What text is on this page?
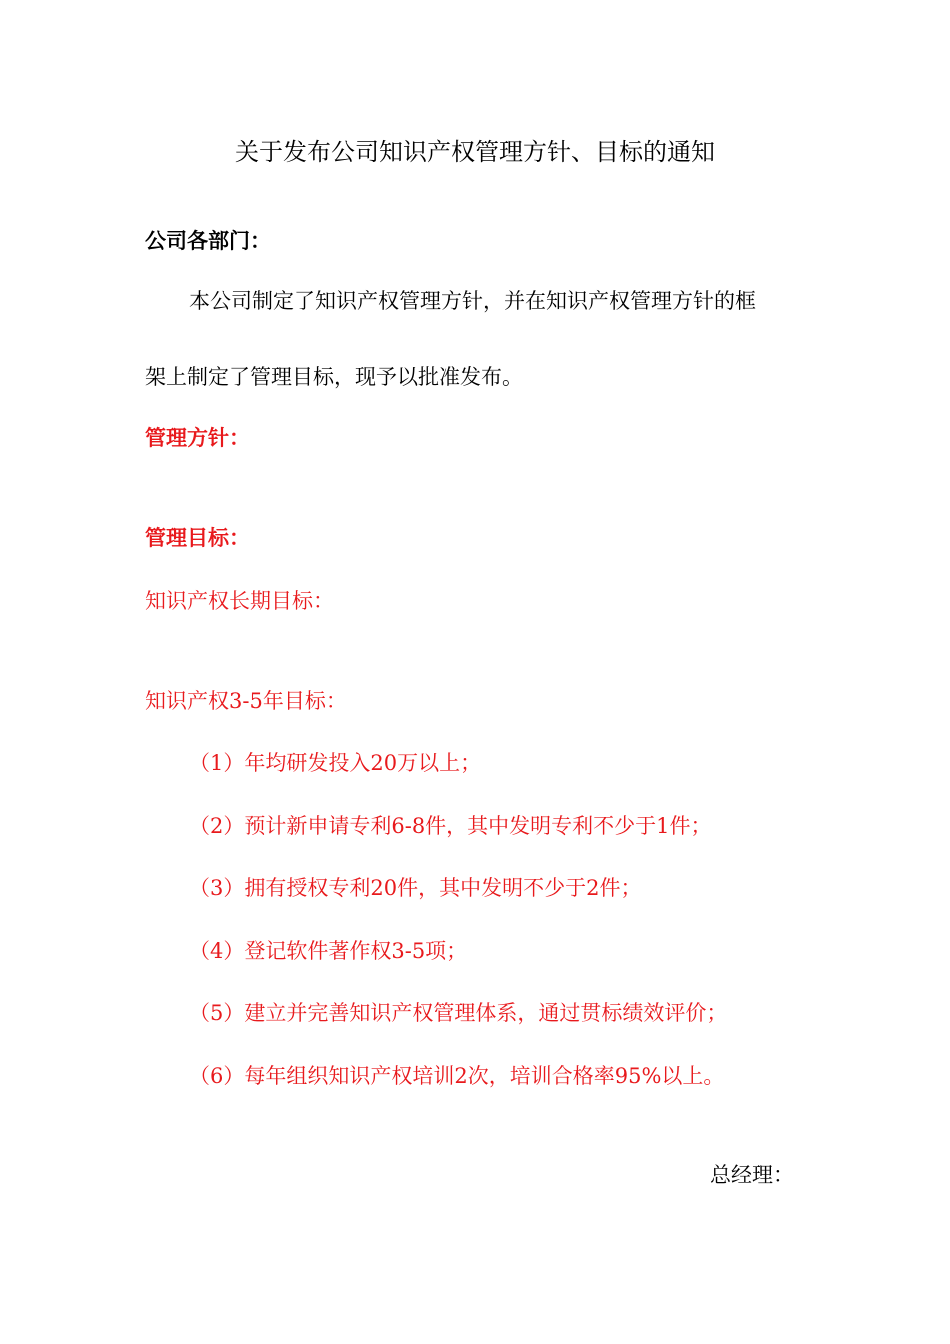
关于发布公司知识产权管理方针、目标的通知
公司各部门：
本公司制定了知识产权管理方针，并在知识产权管理方针的框
架上制定了管理目标，现予以批准发布。
管理方针：
管理目标：
知识产权长期目标：
知识产权3-5年目标：
（1）年均研发投入20万以上；
（2）预计新申请专利6-8件，其中发明专利不少于1件；
（3）拥有授权专利20件，其中发明不少于2件；
（4）登记软件著作权3-5项；
（5）建立并完善知识产权管理体系，通过贯标绩效评价；
（6）每年组织知识产权培训2次，培训合格率95%以上。
总经理：
